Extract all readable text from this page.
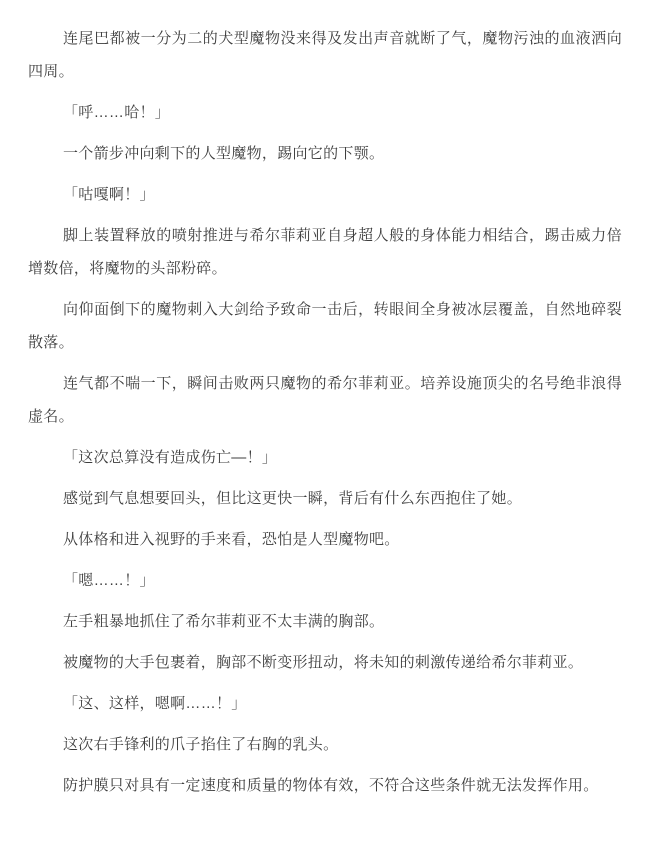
连尾巴都被一分为二的犬型魔物没来得及发出声音就断了气，魔物污浊的血液洒向四周。

「呼……哈！」

一个箭步冲向剩下的人型魔物，踢向它的下颚。

「咕嘎啊！」

脚上装置释放的喷射推进与希尔菲莉亚自身超人般的身体能力相结合，踢击威力倍增数倍，将魔物的头部粉碎。

向仰面倒下的魔物刺入大剑给予致命一击后，转眼间全身被冰层覆盖，自然地碎裂散落。

连气都不喘一下，瞬间击败两只魔物的希尔菲莉亚。培养设施顶尖的名号绝非浪得虚名。

「这次总算没有造成伤亡—！」

感觉到气息想要回头，但比这更快一瞬，背后有什么东西抱住了她。

从体格和进入视野的手来看，恐怕是人型魔物吧。

「嗯……！」

左手粗暴地抓住了希尔菲莉亚不太丰满的胸部。

被魔物的大手包裹着，胸部不断变形扭动，将未知的刺激传递给希尔菲莉亚。

「这、这样，嗯啊……！」

这次右手锋利的爪子掐住了右胸的乳头。

防护膜只对具有一定速度和质量的物体有效，不符合这些条件就无法发挥作用。
